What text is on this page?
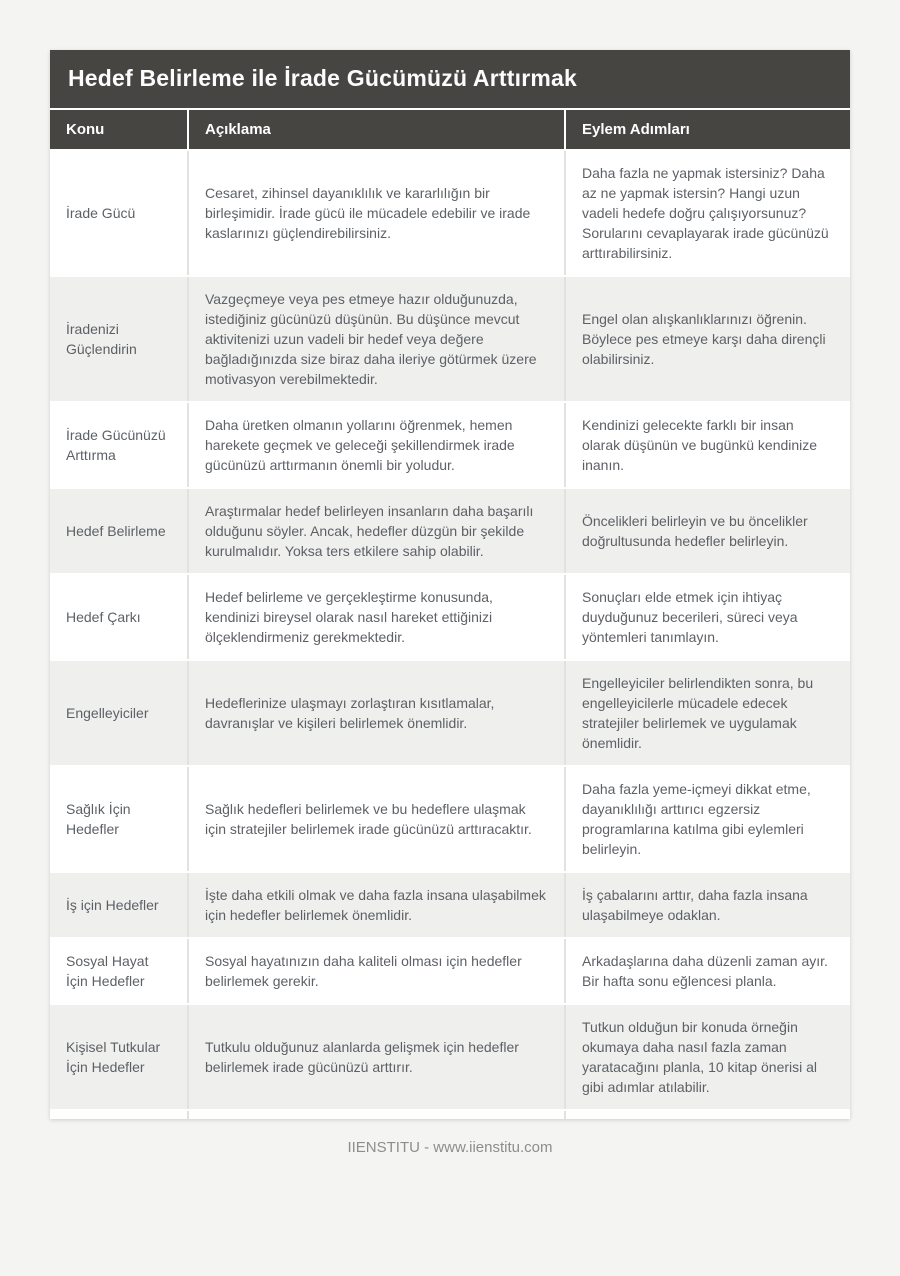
Hedef Belirleme ile İrade Gücümüzü Arttırmak
Konu	Açıklama	Eylem Adımları
İrade Gücü
Cesaret, zihinsel dayanıklılık ve kararlılığın bir birleşimidir. İrade gücü ile mücadele edebilir ve irade kaslarınızı güçlendirebilirsiniz.
Daha fazla ne yapmak istersiniz? Daha az ne yapmak istersin? Hangi uzun vadeli hedefe doğru çalışıyorsunuz? Sorularını cevaplayarak irade gücünüzü arttırabilirsiniz.
İradenizi Güçlendirin
Vazgeçmeye veya pes etmeye hazır olduğunuzda, istediğiniz gücünüzü düşünün. Bu düşünce mevcut aktivitenizi uzun vadeli bir hedef veya değere bağladığınızda size biraz daha ileriye götürmek üzere motivasyon verebilmektedir.
Engel olan alışkanlıklarınızı öğrenin. Böylece pes etmeye karşı daha dirençli olabilirsiniz.
İrade Gücünüzü Arttırma
Daha üretken olmanın yollarını öğrenmek, hemen harekete geçmek ve geleceği şekillendirmek irade gücünüzü arttırmanın önemli bir yoludur.
Kendinizi gelecekte farklı bir insan olarak düşünün ve bugünkü kendinize inanın.
Hedef Belirleme
Araştırmalar hedef belirleyen insanların daha başarılı olduğunu söyler. Ancak, hedefler düzgün bir şekilde kurulmalıdır. Yoksa ters etkilere sahip olabilir.
Öncelikleri belirleyin ve bu öncelikler doğrultusunda hedefler belirleyin.
Hedef Çarkı
Hedef belirleme ve gerçekleştirme konusunda, kendinizi bireysel olarak nasıl hareket ettiğinizi ölçeklendirmeniz gerekmektedir.
Sonuçları elde etmek için ihtiyaç duyduğunuz becerileri, süreci veya yöntemleri tanımlayın.
Engelleyiciler
Hedeflerinize ulaşmayı zorlaştıran kısıtlamalar, davranışlar ve kişileri belirlemek önemlidir.
Engelleyiciler belirlendikten sonra, bu engelleyicilerle mücadele edecek stratejiler belirlemek ve uygulamak önemlidir.
Sağlık İçin Hedefler
Sağlık hedefleri belirlemek ve bu hedeflere ulaşmak için stratejiler belirlemek irade gücünüzü arttıracaktır.
Daha fazla yeme-içmeyi dikkat etme, dayanıklılığı arttırıcı egzersiz programlarına katılma gibi eylemleri belirleyin.
İş için Hedefler
İşte daha etkili olmak ve daha fazla insana ulaşabilmek için hedefler belirlemek önemlidir.
İş çabalarını arttır, daha fazla insana ulaşabilmeye odaklan.
Sosyal Hayat İçin Hedefler
Sosyal hayatınızın daha kaliteli olması için hedefler belirlemek gerekir.
Arkadaşlarına daha düzenli zaman ayır. Bir hafta sonu eğlencesi planla.
Kişisel Tutkular İçin Hedefler
Tutkulu olduğunuz alanlarda gelişmek için hedefler belirlemek irade gücünüzü arttırır.
Tutkun olduğun bir konuda örneğin okumaya daha nasıl fazla zaman yaratacağını planla, 10 kitap önerisi al gibi adımlar atılabilir.
IIENSTITU - www.iienstitu.com
